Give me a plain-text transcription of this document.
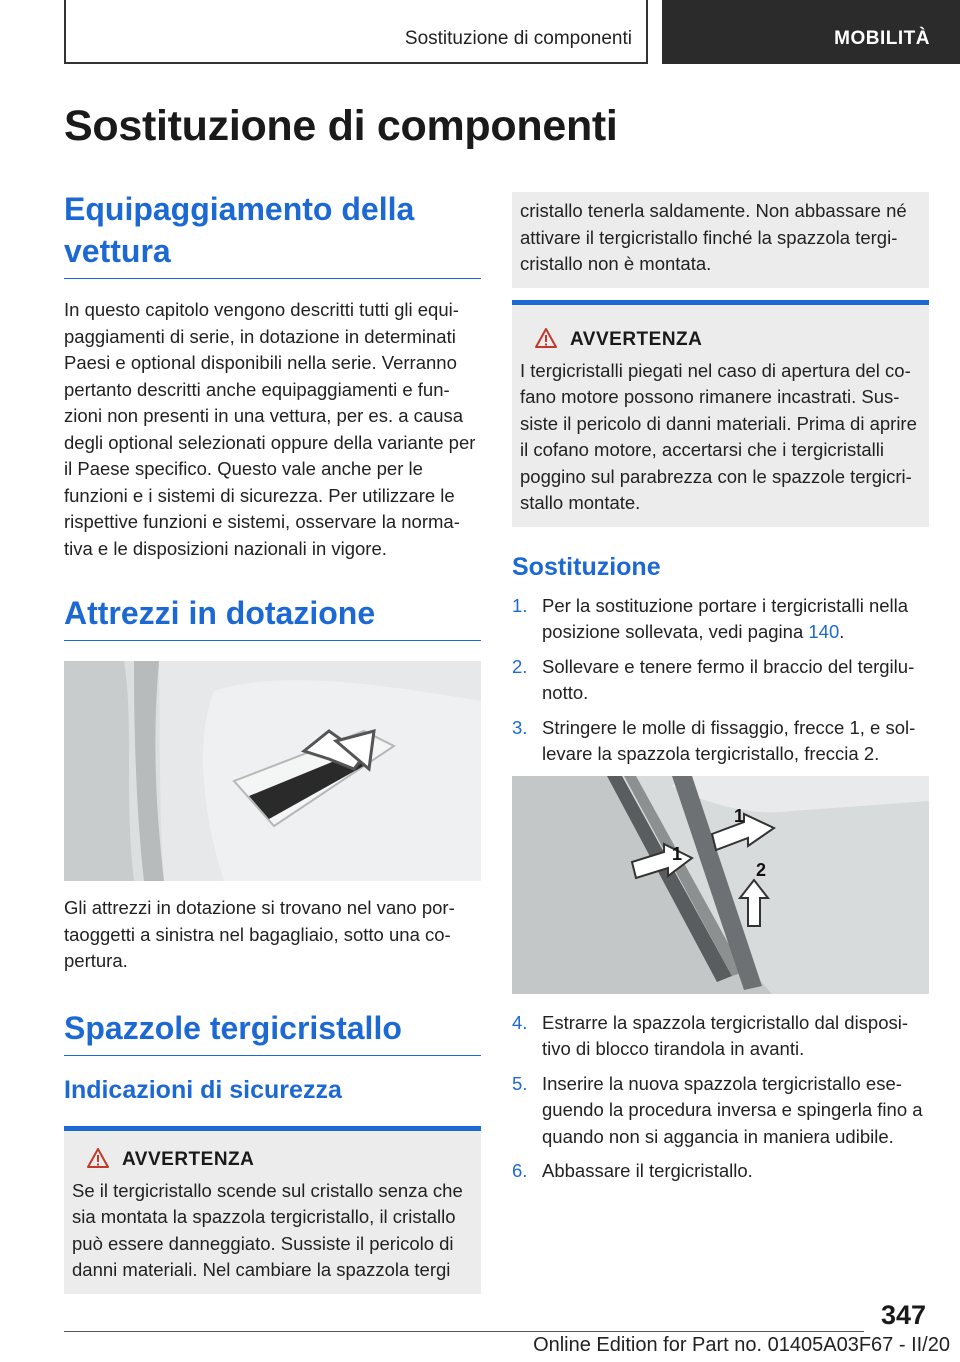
Sostituzione di componenti	MOBILITÀ
Sostituzione di componenti
Equipaggiamento della vettura

In questo capitolo vengono descritti tutti gli equipaggiamenti di serie, in dotazione in determinati Paesi e optional disponibili nella serie. Verranno pertanto descritti anche equipaggiamenti e funzioni non presenti in una vettura, per es. a causa degli optional selezionati oppure della variante per il Paese specifico. Questo vale anche per le funzioni e i sistemi di sicurezza. Per utilizzare le rispettive funzioni e sistemi, osservare la normativa e le disposizioni nazionali in vigore.

Attrezzi in dotazione

Gli attrezzi in dotazione si trovano nel vano portaoggetti a sinistra nel bagagliaio, sotto una copertura.

Spazzole tergicristallo
Indicazioni di sicurezza
AVVERTENZA

Se il tergicristallo scende sul cristallo senza che sia montata la spazzola tergicristallo, il cristallo può essere danneggiato. Sussiste il pericolo di danni materiali. Nel cambiare la spazzola tergi

cristallo tenerla saldamente. Non abbassare né attivare il tergicristallo finché la spazzola tergicristallo non è montata.

AVVERTENZA

I tergicristalli piegati nel caso di apertura del cofano motore possono rimanere incastrati. Sussiste il pericolo di danni materiali. Prima di aprire il cofano motore, accertarsi che i tergicristalli poggino sul parabrezza con le spazzole tergicristallo montate.

Sostituzione
1. Per la sostituzione portare i tergicristalli nella posizione sollevata, vedi pagina 140.
2. Sollevare e tenere fermo il braccio del tergilunotto.
3. Stringere le molle di fissaggio, frecce 1, e sollevare la spazzola tergicristallo, freccia 2.
1
1
2
4. Estrarre la spazzola tergicristallo dal dispositivo di blocco tirandola in avanti.
5. Inserire la nuova spazzola tergicristallo eseguendo la procedura inversa e spingerla fino a quando non si aggancia in maniera udibile.
6. Abbassare il tergicristallo.
347
Online Edition for Part no. 01405A03F67 - II/20
